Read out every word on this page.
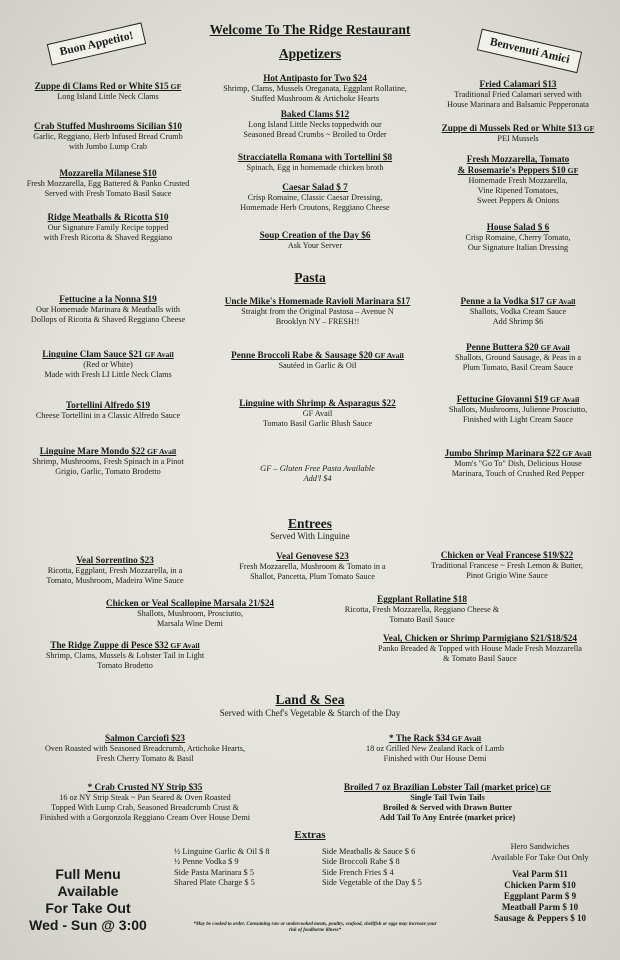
Welcome To The Ridge Restaurant
Buon Appetito!	Benvenuti Amici
Appetizers
Zuppe di Clams Red or White $15 GF
Long Island Little Neck Clams
Crab Stuffed Mushrooms Sicilian $10
Garlic, Reggiano, Herb Infused Bread Crumb
with Jumbo Lump Crab
Mozzarella Milanese $10
Fresh Mozzarella, Egg Battered & Panko Crusted
Served with Fresh Tomato Basil Sauce
Ridge Meatballs & Ricotta $10
Our Signature Family Recipe topped
with Fresh Ricotta & Shaved Reggiano
Hot Antipasto for Two $24
Shrimp, Clams, Mussels Oreganata, Eggplant Rollatine,
Stuffed Mushroom & Artichoke Hearts
Baked Clams $12
Long Island Little Necks toppedwith our
Seasoned Bread Crumbs ~ Broiled to Order
Stracciatella Romana with Tortellini $8
Spinach, Egg in homemade chicken broth
Caesar Salad $ 7
Crisp Romaine, Classic Caesar Dressing,
Homemade Herb Croutons, Reggiano Cheese
Soup Creation of the Day $6
Ask Your Server
Fried Calamari $13
Traditional Fried Calamari served with
House Marinara and Balsamic Pepperonata
Zuppe di Mussels Red or White $13 GF
PEI Mussels
Fresh Mozzarella, Tomato
& Rosemarie's Peppers $10 GF
Homemade Fresh Mozzarella,
Vine Ripened Tomatoes,
Sweet Peppers & Onions
House Salad $ 6
Crisp Romaine, Cherry Tomato,
Our Signature Italian Dressing
Pasta
Fettucine a la Nonna $19
Our Homemade Marinara & Meatballs with
Dollops of Ricotta & Shaved Reggiano Cheese
Linguine Clam Sauce $21 GF Avail
(Red or White)
Made with Fresh LI Little Neck Clams
Tortellini Alfredo $19
Cheese Tortellini in a Classic Alfredo Sauce
Linguine Mare Mondo $22 GF Avail
Shrimp, Mushrooms, Fresh Spinach in a Pinot
Grigio, Garlic, Tomato Brodetto
Uncle Mike's Homemade Ravioli Marinara $17
Straight from the Original Pastosa – Avenue N
Brooklyn NY – FRESH!!
Penne Broccoli Rabe & Sausage $20 GF Avail
Sautéed in Garlic & Oil
Linguine with Shrimp & Asparagus $22
GF Avail
Tomato Basil Garlic Blush Sauce
GF – Gluten Free Pasta Available
Add'l $4
Penne a la Vodka $17 GF Avail
Shallots, Vodka Cream Sauce
Add Shrimp $6
Penne Buttera $20 GF Avail
Shallots, Ground Sausage, & Peas in a
Plum Tomato, Basil Cream Sauce
Fettucine Giovanni $19 GF Avail
Shallots, Mushrooms, Julienne Prosciutto,
Finished with Light Cream Sauce
Jumbo Shrimp Marinara $22 GF Avail
Mom's "Go To" Dish, Delicious House
Marinara, Touch of Crushed Red Pepper
Entrees
Served With Linguine
Veal Sorrentino $23
Ricotta, Eggplant, Fresh Mozzarella, in a
Tomato, Mushroom, Madeira Wine Sauce
Veal Genovese $23
Fresh Mozzarella, Mushroom & Tomato in a
Shallot, Pancetta, Plum Tomato Sauce
Chicken or Veal Francese $19/$22
Traditional Francese ~ Fresh Lemon & Butter,
Pinot Grigio Wine Sauce
Chicken or Veal Scallopine Marsala 21/$24
Shallots, Mushroom, Prosciutto,
Marsala Wine Demi
Eggplant Rollatine $18
Ricotta, Fresh Mozzarella, Reggiano Cheese &
Tomato Basil Sauce
The Ridge Zuppe di Pesce $32 GF Avail
Shrimp, Clams, Mussels & Lobster Tail in Light
Tomato Brodetto
Veal, Chicken or Shrimp Parmigiano $21/$18/$24
Panko Breaded & Topped with House Made Fresh Mozzarella
& Tomato Basil Sauce
Land & Sea
Served with Chef's Vegetable & Starch of the Day
Salmon Carciofi $23
Oven Roasted with Seasoned Breadcrumb, Artichoke Hearts,
Fresh Cherry Tomato & Basil
* The Rack $34 GF Avail
18 oz Grilled New Zealand Rack of Lamb
Finished with Our House Demi
* Crab Crusted NY Strip $35
16 oz NY Strip Steak ~ Pan Seared & Oven Roasted
Topped With Lump Crab, Seasoned Breadcrumb Crust &
Finished with a Gorgonzola Reggiano Cream Over House Demi
Broiled 7 oz Brazilian Lobster Tail (market price) GF
Single Tail Twin Tails
Broiled & Served with Drawn Butter
Add Tail To Any Entrée (market price)
Extras
½ Linguine Garlic & Oil $ 8
½ Penne Vodka $ 9
Side Pasta Marinara $ 5
Shared Plate Charge $ 5
Side Meatballs & Sauce $ 6
Side Broccoli Rabe $ 8
Side French Fries $ 4
Side Vegetable of the Day $ 5
Full Menu
Available
For Take Out
Wed - Sun @ 3:00
Hero Sandwiches
Available For Take Out Only
Veal Parm $11
Chicken Parm $10
Eggplant Parm $ 9
Meatball Parm $ 10
Sausage & Peppers $ 10
*May be cooked to order. Consuming raw or undercooked meats, poultry, seafood, shellfish or eggs may increase your risk of foodborne illness*
